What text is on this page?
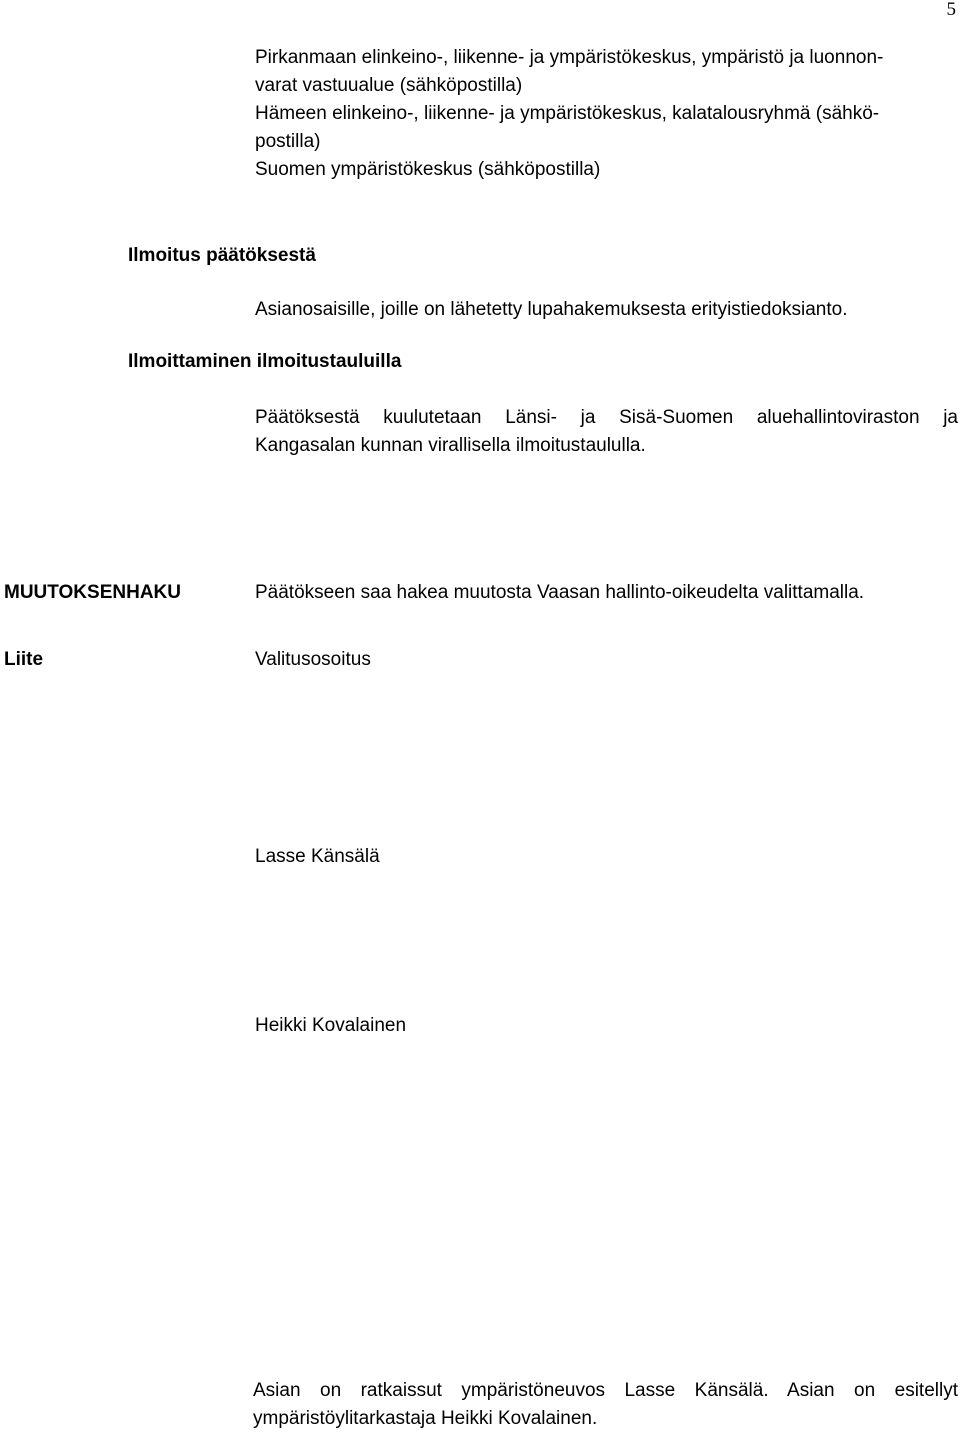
5
Pirkanmaan elinkeino-, liikenne- ja ympäristökeskus, ympäristö ja luonnon-
varat vastuualue (sähköpostilla)
Hämeen elinkeino-, liikenne- ja ympäristökeskus, kalatalousryhmä (sähkö-
postilla)
Suomen ympäristökeskus (sähköpostilla)
Ilmoitus päätöksestä
Asianosaisille, joille on lähetetty lupahakemuksesta erityistiedoksianto.
Ilmoittaminen ilmoitustauluilla
Päätöksestä kuulutetaan Länsi- ja Sisä-Suomen aluehallintoviraston ja
Kangasalan kunnan virallisella ilmoitustaululla.
MUUTOKSENHAKU	Päätökseen saa hakea muutosta Vaasan hallinto-oikeudelta valittamalla.
Liite	Valitusosoitus
Lasse Känsälä
Heikki Kovalainen
Asian on ratkaissut ympäristöneuvos Lasse Känsälä. Asian on esitellyt
ympäristöylitarkastaja Heikki Kovalainen.
